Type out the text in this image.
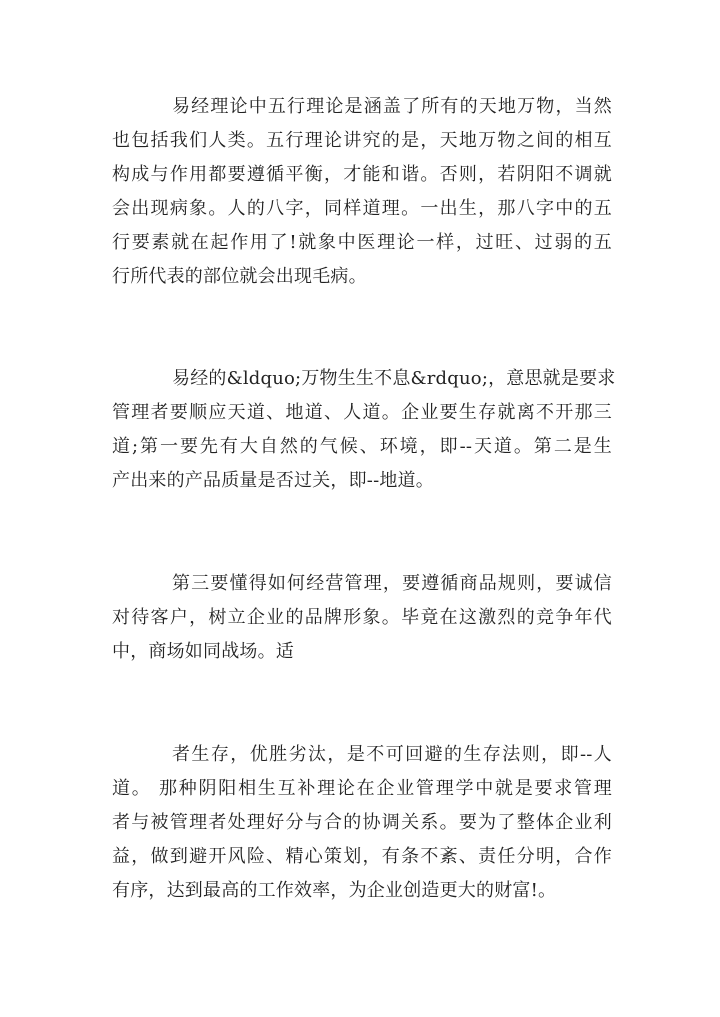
易经理论中五行理论是涵盖了所有的天地万物，当然
也包括我们人类。五行理论讲究的是，天地万物之间的相互
构成与作用都要遵循平衡，才能和谐。否则，若阴阳不调就
会出现病象。人的八字，同样道理。一出生，那八字中的五
行要素就在起作用了!就象中医理论一样，过旺、过弱的五
行所代表的部位就会出现毛病。
易经的&ldquo;万物生生不息&rdquo;，意思就是要求
管理者要顺应天道、地道、人道。企业要生存就离不开那三
道;第一要先有大自然的气候、环境，即--天道。第二是生
产出来的产品质量是否过关，即--地道。
第三要懂得如何经营管理，要遵循商品规则，要诚信
对待客户，树立企业的品牌形象。毕竟在这激烈的竞争年代
中，商场如同战场。适
者生存，优胜劣汰，是不可回避的生存法则，即--人
道。 那种阴阳相生互补理论在企业管理学中就是要求管理
者与被管理者处理好分与合的协调关系。要为了整体企业利
益，做到避开风险、精心策划，有条不紊、责任分明，合作
有序，达到最高的工作效率，为企业创造更大的财富!。
